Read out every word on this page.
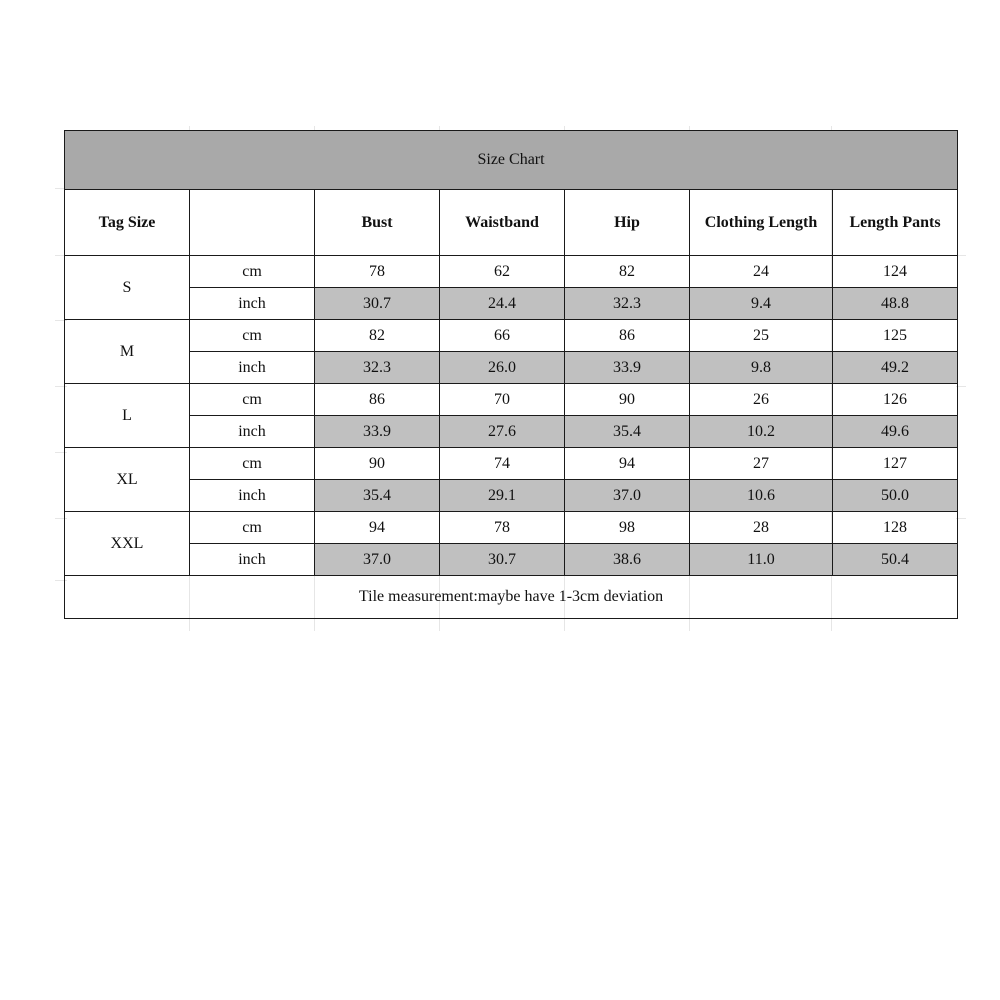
Size Chart						
Tag Size		Bust	Waistband	Hip	Clothing Length	Length Pants
S	cm	78	62	82	24	124
	inch	30.7	24.4	32.3	9.4	48.8
M	cm	82	66	86	25	125
	inch	32.3	26.0	33.9	9.8	49.2
L	cm	86	70	90	26	126
	inch	33.9	27.6	35.4	10.2	49.6
XL	cm	90	74	94	27	127
	inch	35.4	29.1	37.0	10.6	50.0
XXL	cm	94	78	98	28	128
	inch	37.0	30.7	38.6	11.0	50.4
Tile measurement:maybe have 1-3cm deviation						
